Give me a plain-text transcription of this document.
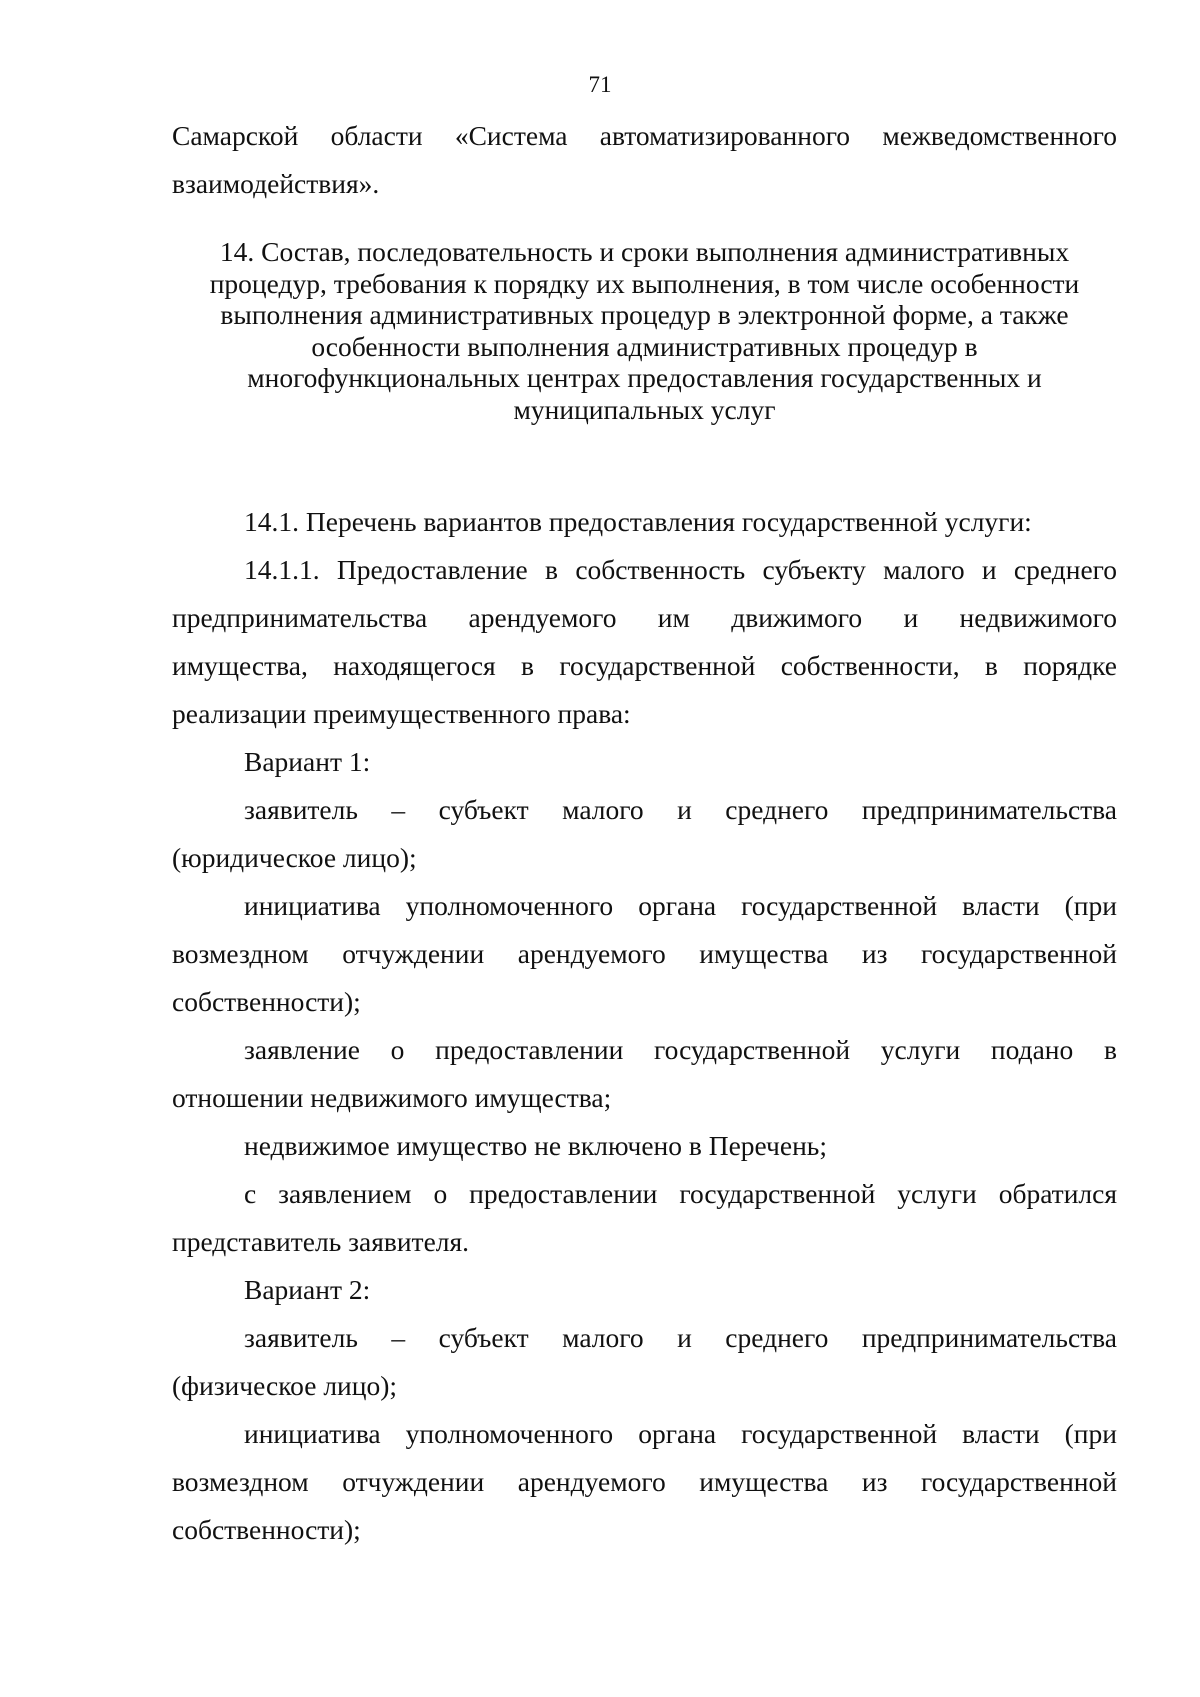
71
Самарской области «Система автоматизированного межведомственного
взаимодействия».
14. Состав, последовательность и сроки выполнения административных
процедур, требования к порядку их выполнения, в том числе особенности
выполнения административных процедур в электронной форме, а также
особенности выполнения административных процедур в
многофункциональных центрах предоставления государственных и
муниципальных услуг
14.1. Перечень вариантов предоставления государственной услуги:
14.1.1. Предоставление в собственность субъекту малого и среднего
предпринимательства арендуемого им движимого и недвижимого
имущества, находящегося в государственной собственности, в порядке
реализации преимущественного права:
Вариант 1:
заявитель – субъект малого и среднего предпринимательства
(юридическое лицо);
инициатива уполномоченного органа государственной власти (при
возмездном отчуждении арендуемого имущества из государственной
собственности);
заявление о предоставлении государственной услуги подано в
отношении недвижимого имущества;
недвижимое имущество не включено в Перечень;
с заявлением о предоставлении государственной услуги обратился
представитель заявителя.
Вариант 2:
заявитель – субъект малого и среднего предпринимательства
(физическое лицо);
инициатива уполномоченного органа государственной власти (при
возмездном отчуждении арендуемого имущества из государственной
собственности);
